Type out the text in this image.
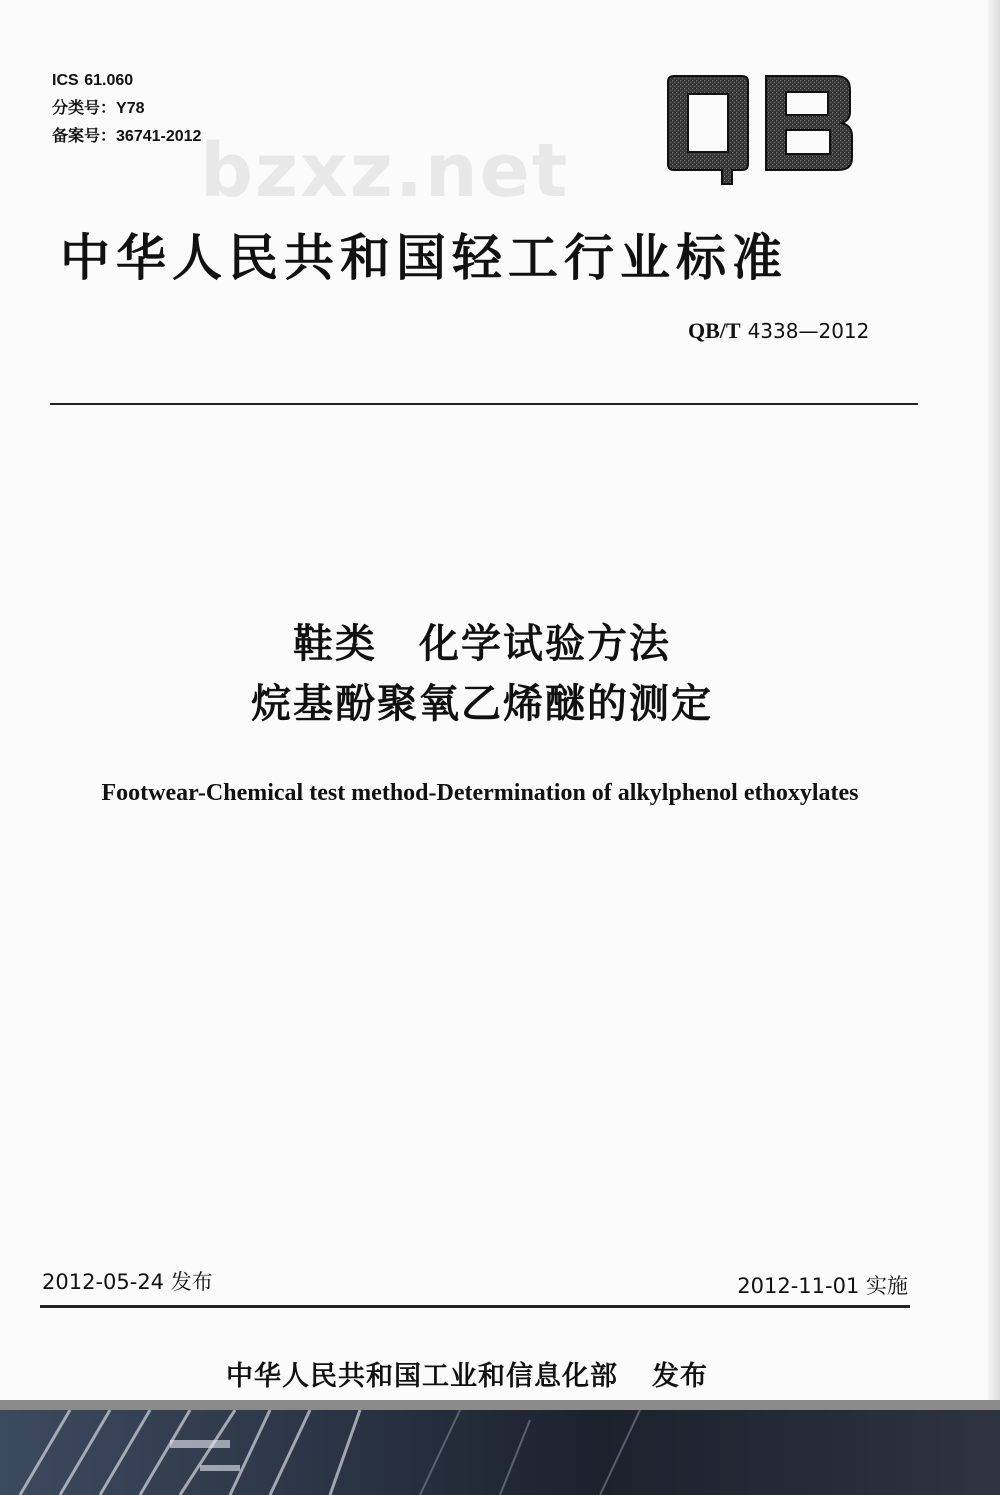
ICS 61.060
分类号：Y78
备案号：36741-2012
bzxz.net
中华人民共和国轻工行业标准
QB/T 4338—2012
鞋类　化学试验方法
烷基酚聚氧乙烯醚的测定
Footwear-Chemical test method-Determination of alkylphenol ethoxylates
2012-05-24 发布	2012-11-01 实施
中华人民共和国工业和信息化部 发布
